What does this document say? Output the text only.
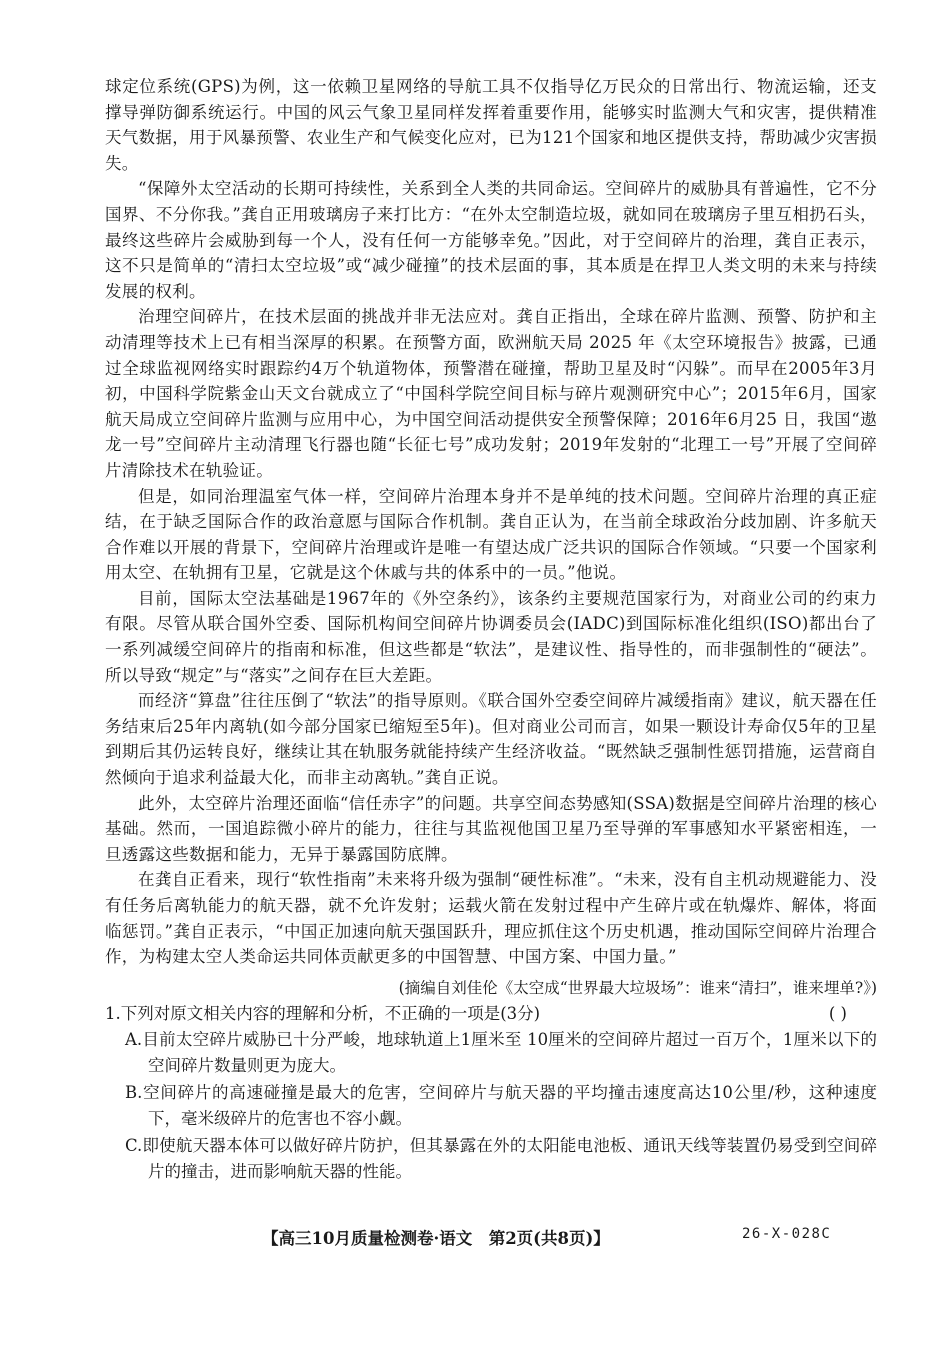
球定位系统(GPS)为例，这一依赖卫星网络的导航工具不仅指导亿万民众的日常出行、物流运输，还支撑导弹防御系统运行。中国的风云气象卫星同样发挥着重要作用，能够实时监测大气和灾害，提供精准天气数据，用于风暴预警、农业生产和气候变化应对，已为121个国家和地区提供支持，帮助减少灾害损失。

“保障外太空活动的长期可持续性，关系到全人类的共同命运。空间碎片的威胁具有普遍性，它不分国界、不分你我。”龚自正用玻璃房子来打比方：“在外太空制造垃圾，就如同在玻璃房子里互相扔石头，最终这些碎片会威胁到每一个人，没有任何一方能够幸免。”因此，对于空间碎片的治理，龚自正表示，这不只是简单的“清扫太空垃圾”或“减少碰撞”的技术层面的事，其本质是在捍卫人类文明的未来与持续发展的权利。

治理空间碎片，在技术层面的挑战并非无法应对。龚自正指出，全球在碎片监测、预警、防护和主动清理等技术上已有相当深厚的积累。在预警方面，欧洲航天局 2025 年《太空环境报告》披露，已通过全球监视网络实时跟踪约4万个轨道物体，预警潜在碰撞，帮助卫星及时“闪躲”。而早在2005年3月初，中国科学院紫金山天文台就成立了“中国科学院空间目标与碎片观测研究中心”；2015年6月，国家航天局成立空间碎片监测与应用中心，为中国空间活动提供安全预警保障；2016年6月25 日，我国“遨龙一号”空间碎片主动清理飞行器也随“长征七号”成功发射；2019年发射的“北理工一号”开展了空间碎片清除技术在轨验证。

但是，如同治理温室气体一样，空间碎片治理本身并不是单纯的技术问题。空间碎片治理的真正症结，在于缺乏国际合作的政治意愿与国际合作机制。龚自正认为，在当前全球政治分歧加剧、许多航天合作难以开展的背景下，空间碎片治理或许是唯一有望达成广泛共识的国际合作领域。“只要一个国家利用太空、在轨拥有卫星，它就是这个休戚与共的体系中的一员。”他说。

目前，国际太空法基础是1967年的《外空条约》，该条约主要规范国家行为，对商业公司的约束力有限。尽管从联合国外空委、国际机构间空间碎片协调委员会(IADC)到国际标准化组织(ISO)都出台了一系列减缓空间碎片的指南和标准，但这些都是“软法”，是建议性、指导性的，而非强制性的“硬法”。所以导致“规定”与“落实”之间存在巨大差距。

而经济“算盘”往往压倒了“软法”的指导原则。《联合国外空委空间碎片减缓指南》建议，航天器在任务结束后25年内离轨(如今部分国家已缩短至5年)。但对商业公司而言，如果一颗设计寿命仅5年的卫星到期后其仍运转良好，继续让其在轨服务就能持续产生经济收益。“既然缺乏强制性惩罚措施，运营商自然倾向于追求利益最大化，而非主动离轨。”龚自正说。

此外，太空碎片治理还面临“信任赤字”的问题。共享空间态势感知(SSA)数据是空间碎片治理的核心基础。然而，一国追踪微小碎片的能力，往往与其监视他国卫星乃至导弹的军事感知水平紧密相连，一旦透露这些数据和能力，无异于暴露国防底牌。

在龚自正看来，现行“软性指南”未来将升级为强制“硬性标准”。“未来，没有自主机动规避能力、没有任务后离轨能力的航天器，就不允许发射；运载火箭在发射过程中产生碎片或在轨爆炸、解体，将面临惩罚。”龚自正表示，“中国正加速向航天强国跃升，理应抓住这个历史机遇，推动国际空间碎片治理合作，为构建太空人类命运共同体贡献更多的中国智慧、中国方案、中国力量。”

(摘编自刘佳伦《太空成“世界最大垃圾场”：谁来“清扫”，谁来埋单?》)

1.下列对原文相关内容的理解和分析，不正确的一项是(3分)	( )

A.目前太空碎片威胁已十分严峻，地球轨道上1厘米至 10厘米的空间碎片超过一百万个，1厘米以下的空间碎片数量则更为庞大。

B.空间碎片的高速碰撞是最大的危害，空间碎片与航天器的平均撞击速度高达10公里/秒，这种速度下，毫米级碎片的危害也不容小觑。

C.即使航天器本体可以做好碎片防护，但其暴露在外的太阳能电池板、通讯天线等装置仍易受到空间碎片的撞击，进而影响航天器的性能。

【高三10月质量检测卷·语文　第2页(共8页)】	26-X-028C
